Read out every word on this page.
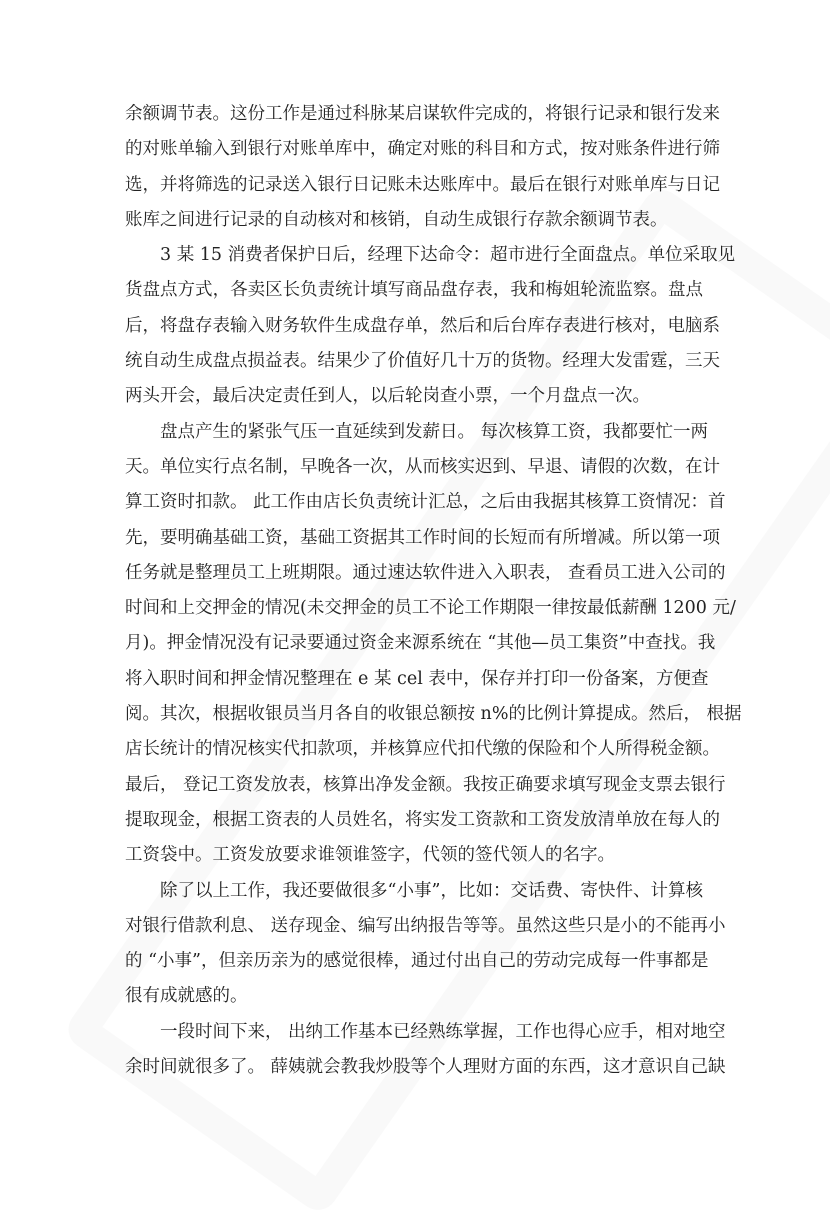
余额调节表。这份工作是通过科脉某启谋软件完成的，将银行记录和银行发来
的对账单输入到银行对账单库中，确定对账的科目和方式，按对账条件进行筛
选，并将筛选的记录送入银行日记账未达账库中。最后在银行对账单库与日记
账库之间进行记录的自动核对和核销，自动生成银行存款余额调节表。
3 某 15 消费者保护日后，经理下达命令：超市进行全面盘点。单位采取见
货盘点方式，各卖区长负责统计填写商品盘存表，我和梅姐轮流监察。盘点
后，将盘存表输入财务软件生成盘存单，然后和后台库存表进行核对，电脑系
统自动生成盘点损益表。结果少了价值好几十万的货物。经理大发雷霆，三天
两头开会，最后决定责任到人，以后轮岗查小票，一个月盘点一次。
盘点产生的紧张气压一直延续到发薪日。 每次核算工资，我都要忙一两
天。单位实行点名制，早晚各一次，从而核实迟到、早退、请假的次数，在计
算工资时扣款。 此工作由店长负责统计汇总，之后由我据其核算工资情况：首
先，要明确基础工资，基础工资据其工作时间的长短而有所增减。所以第一项
任务就是整理员工上班期限。通过速达软件进入入职表， 查看员工进入公司的
时间和上交押金的情况(未交押金的员工不论工作期限一律按最低薪酬 1200 元/
月)。押金情况没有记录要通过资金来源系统在 “其他—员工集资”中查找。我
将入职时间和押金情况整理在 e 某 cel 表中，保存并打印一份备案，方便查
阅。其次，根据收银员当月各自的收银总额按 n%的比例计算提成。然后， 根据
店长统计的情况核实代扣款项，并核算应代扣代缴的保险和个人所得税金额。
最后， 登记工资发放表，核算出净发金额。我按正确要求填写现金支票去银行
提取现金，根据工资表的人员姓名，将实发工资款和工资发放清单放在每人的
工资袋中。工资发放要求谁领谁签字，代领的签代领人的名字。
除了以上工作，我还要做很多“小事”，比如：交话费、寄快件、计算核
对银行借款利息、 送存现金、编写出纳报告等等。虽然这些只是小的不能再小
的 “小事”，但亲历亲为的感觉很棒，通过付出自己的劳动完成每一件事都是
很有成就感的。
一段时间下来， 出纳工作基本已经熟练掌握，工作也得心应手，相对地空
余时间就很多了。 薛姨就会教我炒股等个人理财方面的东西，这才意识自己缺
